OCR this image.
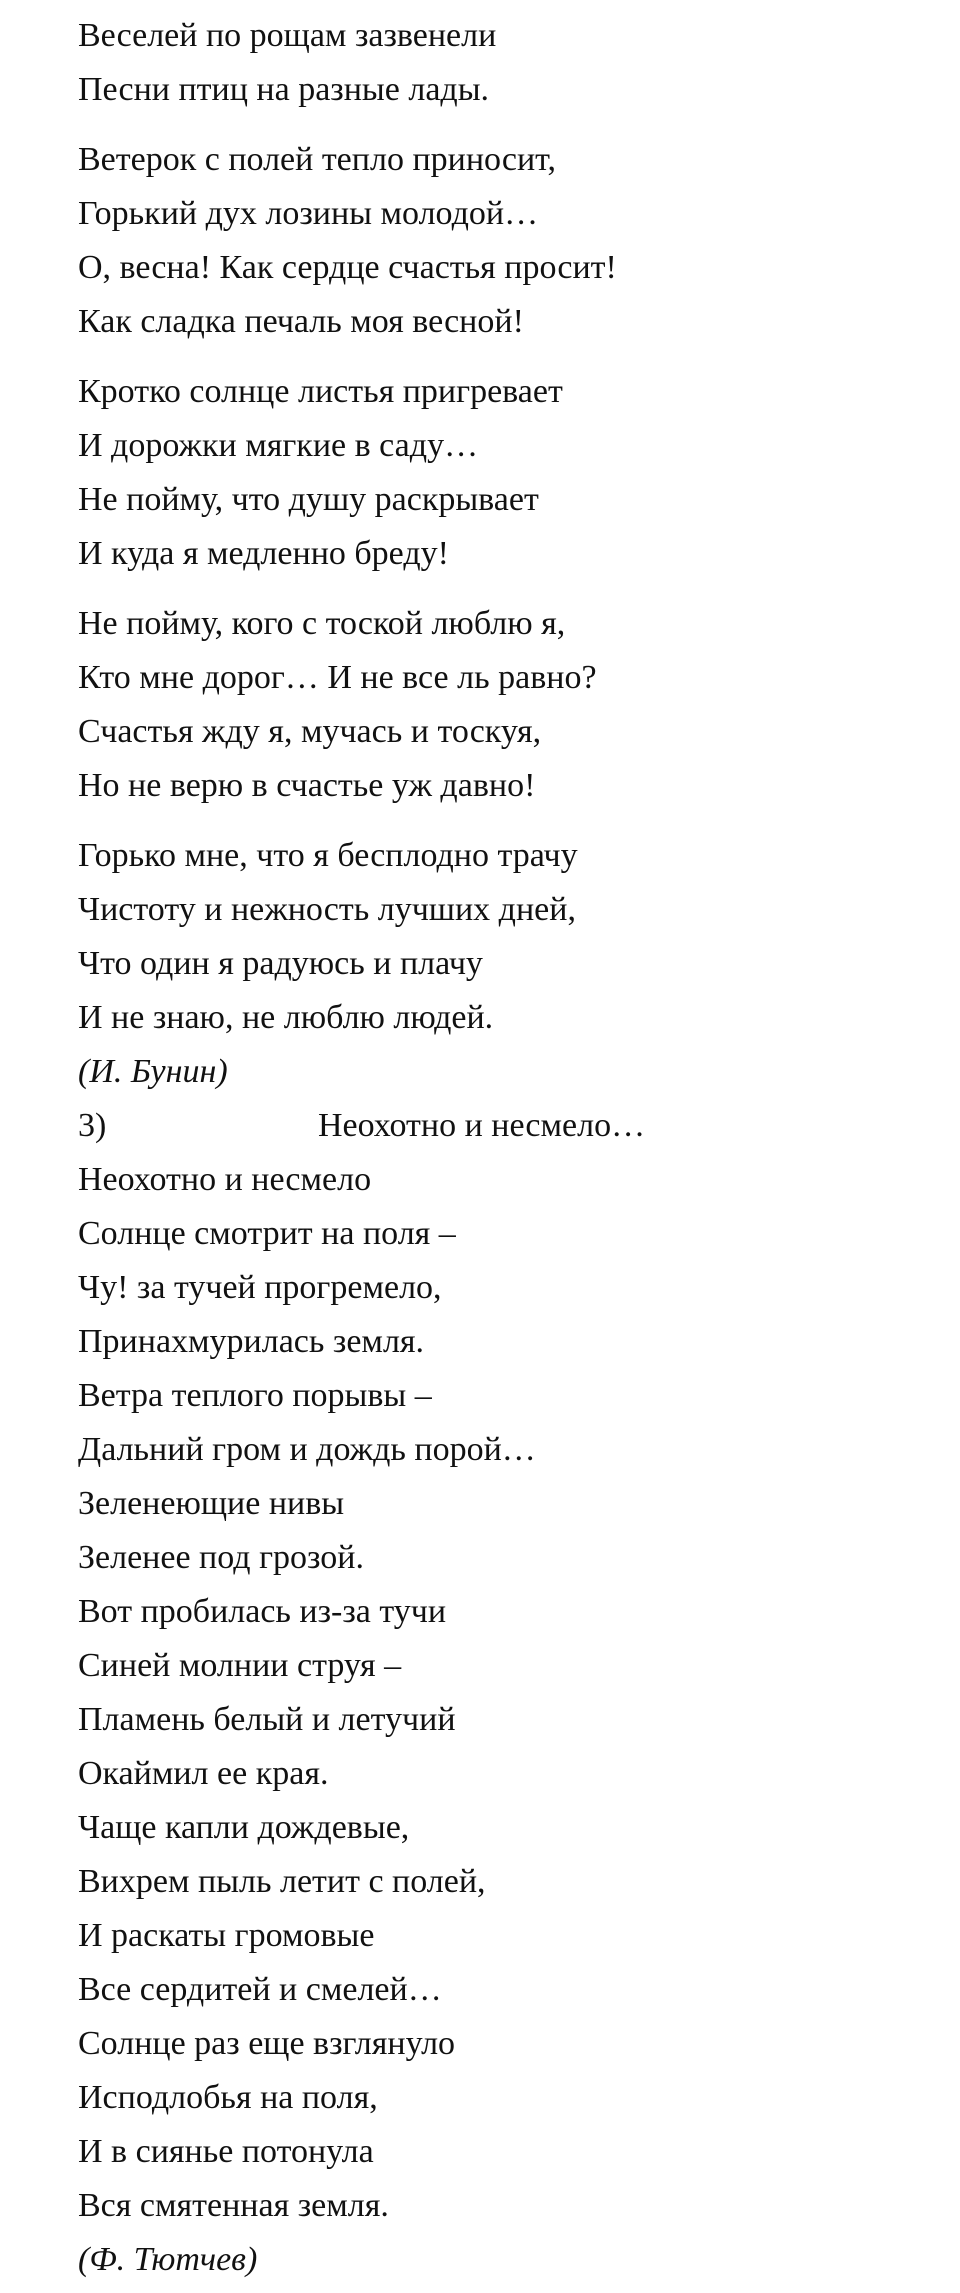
Веселей по рощам зазвенели
Песни птиц на разные лады.
Ветерок с полей тепло приносит,
Горький дух лозины молодой…
О, весна! Как сердце счастья просит!
Как сладка печаль моя весной!
Кротко солнце листья пригревает
И дорожки мягкие в саду…
Не пойму, что душу раскрывает
И куда я медленно бреду!
Не пойму, кого с тоской люблю я,
Кто мне дорог… И не все ль равно?
Счастья жду я, мучась и тоскуя,
Но не верю в счастье уж давно!
Горько мне, что я бесплодно трачу
Чистоту и нежность лучших дней,
Что один я радуюсь и плачу
И не знаю, не люблю людей.
(И. Бунин)
3)	Неохотно и несмело…
Неохотно и несмело
Солнце смотрит на поля –
Чу! за тучей прогремело,
Принахмурилась земля.
Ветра теплого порывы –
Дальний гром и дождь порой…
Зеленеющие нивы
Зеленее под грозой.
Вот пробилась из-за тучи
Синей молнии струя –
Пламень белый и летучий
Окаймил ее края.
Чаще капли дождевые,
Вихрем пыль летит с полей,
И раскаты громовые
Все сердитей и смелей…
Солнце раз еще взглянуло
Исподлобья на поля,
И в сиянье потонула
Вся смятенная земля.
(Ф. Тютчев)
